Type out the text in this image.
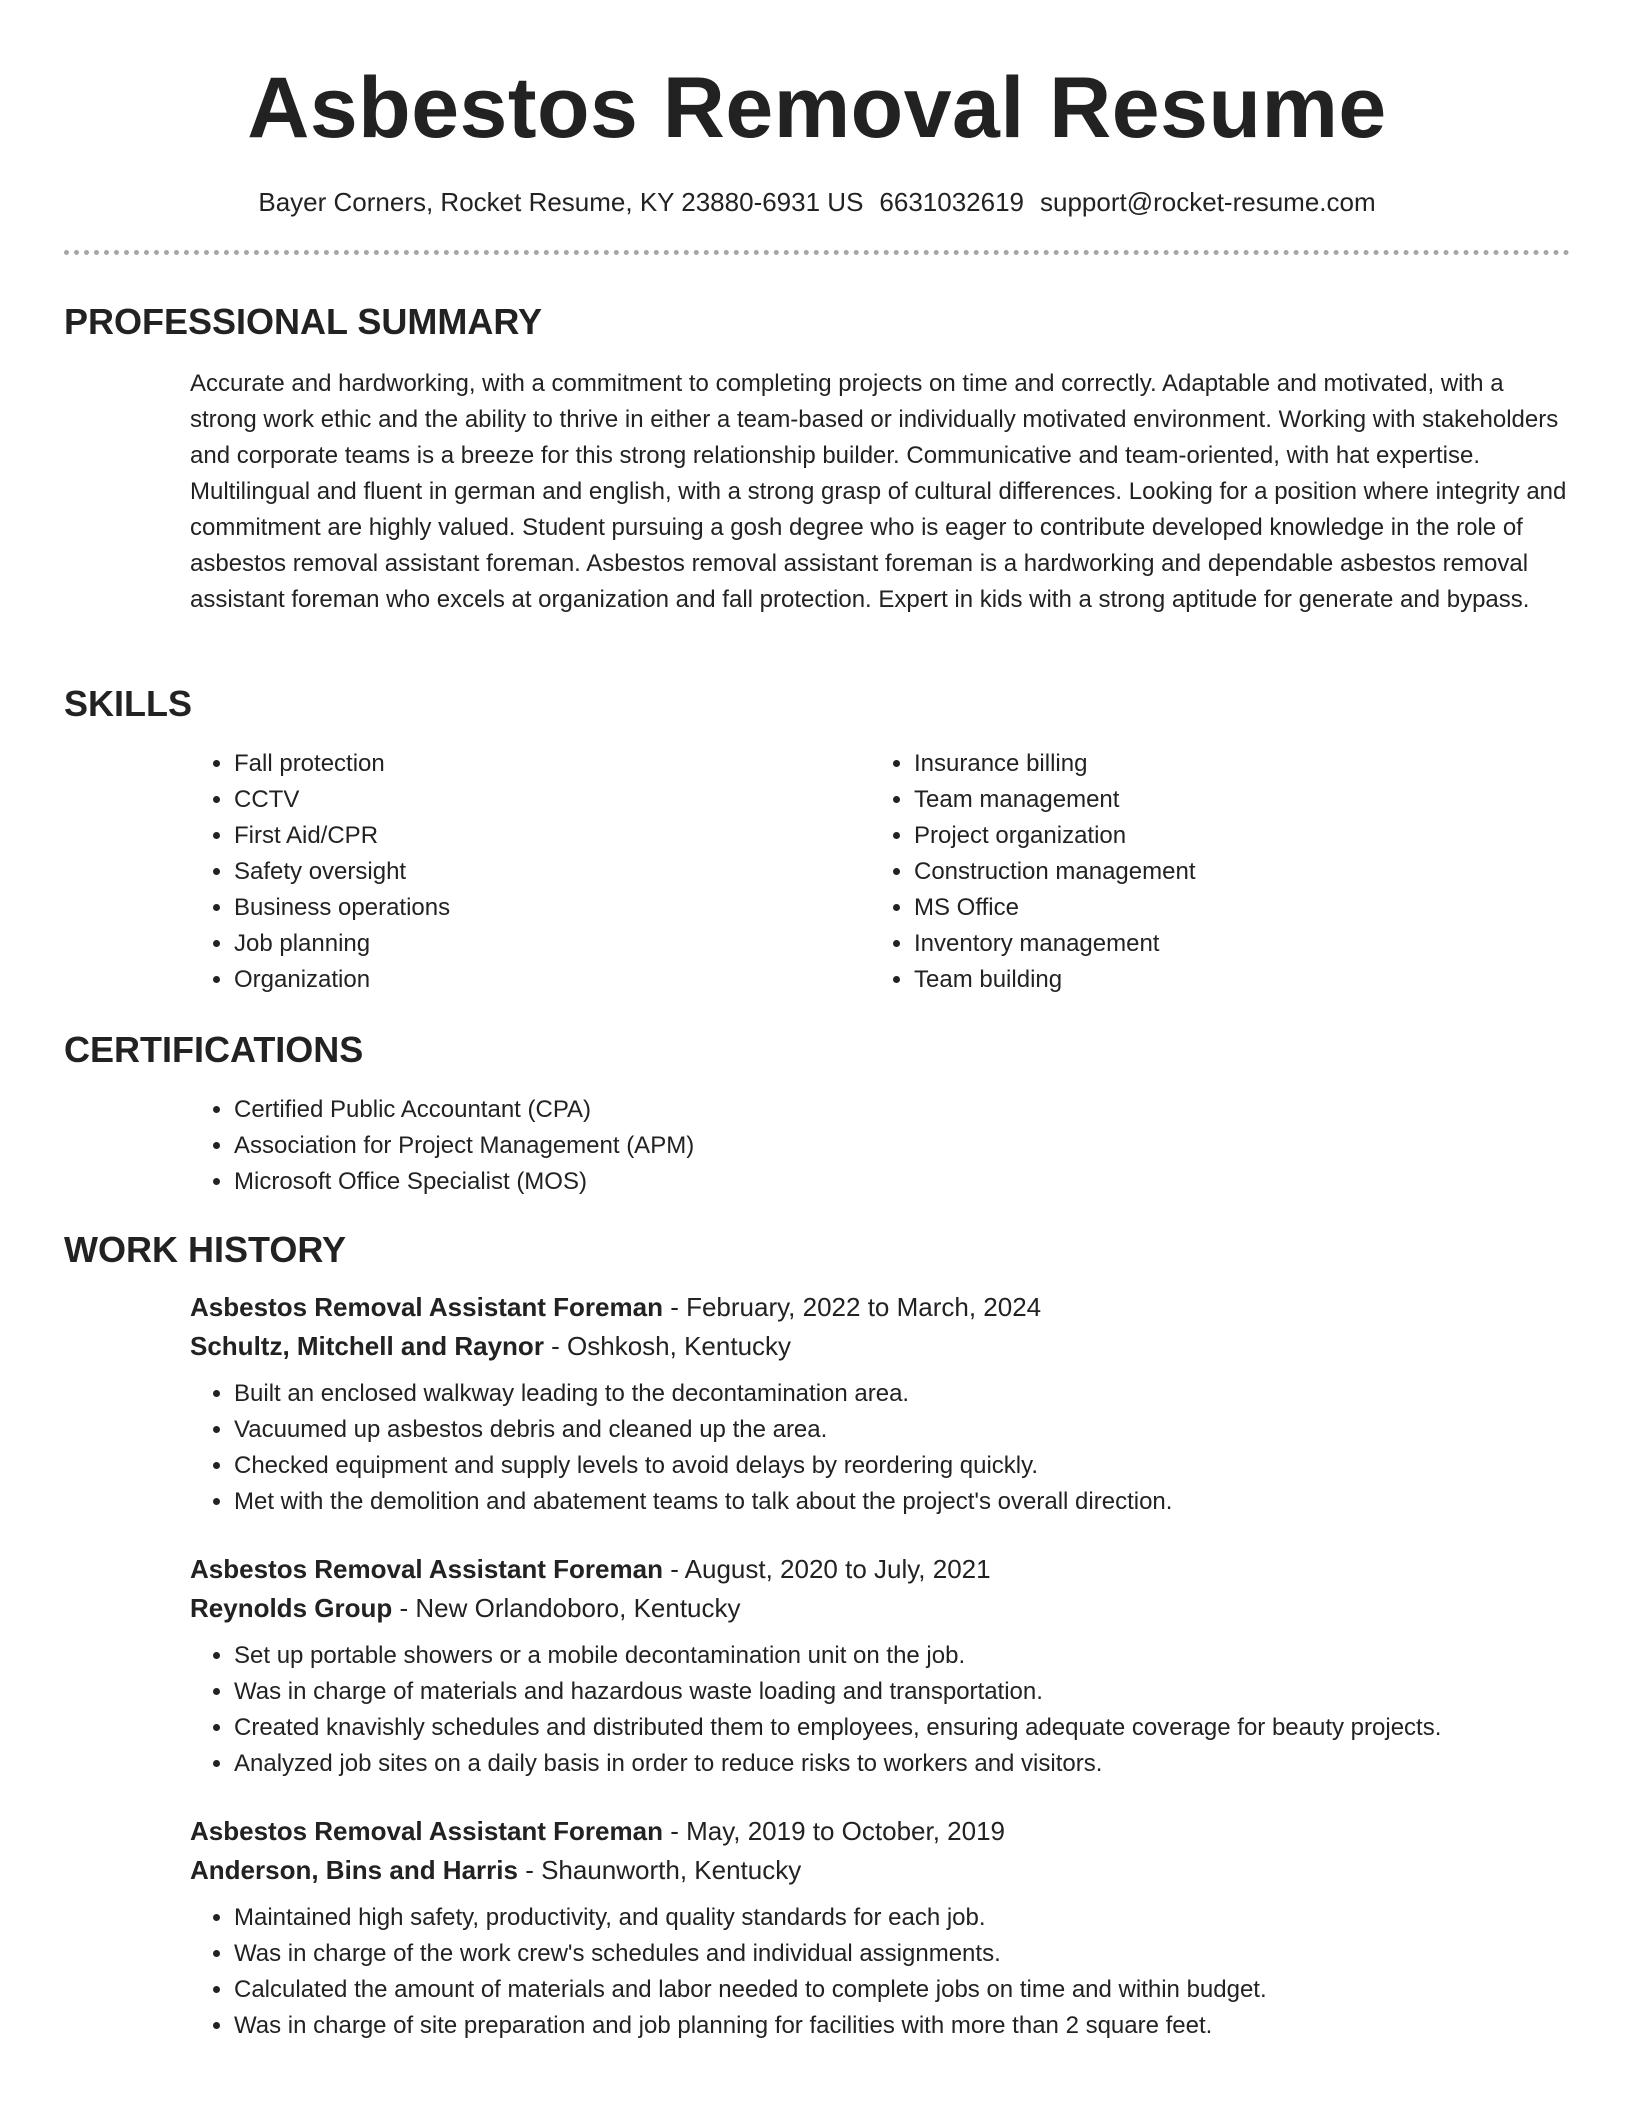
Asbestos Removal Resume
Bayer Corners, Rocket Resume, KY 23880-6931 US 6631032619 support@rocket-resume.com
PROFESSIONAL SUMMARY

Accurate and hardworking, with a commitment to completing projects on time and correctly. Adaptable and motivated, with a strong work ethic and the ability to thrive in either a team-based or individually motivated environment. Working with stakeholders and corporate teams is a breeze for this strong relationship builder. Communicative and team-oriented, with hat expertise. Multilingual and fluent in german and english, with a strong grasp of cultural differences. Looking for a position where integrity and commitment are highly valued. Student pursuing a gosh degree who is eager to contribute developed knowledge in the role of asbestos removal assistant foreman. Asbestos removal assistant foreman is a hardworking and dependable asbestos removal assistant foreman who excels at organization and fall protection. Expert in kids with a strong aptitude for generate and bypass.

SKILLS
• Fall protection
• CCTV
• First Aid/CPR
• Safety oversight
• Business operations
• Job planning
• Organization
• Insurance billing
• Team management
• Project organization
• Construction management
• MS Office
• Inventory management
• Team building
CERTIFICATIONS
• Certified Public Accountant (CPA)
• Association for Project Management (APM)
• Microsoft Office Specialist (MOS)
WORK HISTORY
Asbestos Removal Assistant Foreman - February, 2022 to March, 2024
Schultz, Mitchell and Raynor - Oshkosh, Kentucky
• Built an enclosed walkway leading to the decontamination area.
• Vacuumed up asbestos debris and cleaned up the area.
• Checked equipment and supply levels to avoid delays by reordering quickly.
• Met with the demolition and abatement teams to talk about the project's overall direction.
Asbestos Removal Assistant Foreman - August, 2020 to July, 2021
Reynolds Group - New Orlandoboro, Kentucky
• Set up portable showers or a mobile decontamination unit on the job.
• Was in charge of materials and hazardous waste loading and transportation.
• Created knavishly schedules and distributed them to employees, ensuring adequate coverage for beauty projects.
• Analyzed job sites on a daily basis in order to reduce risks to workers and visitors.
Asbestos Removal Assistant Foreman - May, 2019 to October, 2019
Anderson, Bins and Harris - Shaunworth, Kentucky
• Maintained high safety, productivity, and quality standards for each job.
• Was in charge of the work crew's schedules and individual assignments.
• Calculated the amount of materials and labor needed to complete jobs on time and within budget.
• Was in charge of site preparation and job planning for facilities with more than 2 square feet.
